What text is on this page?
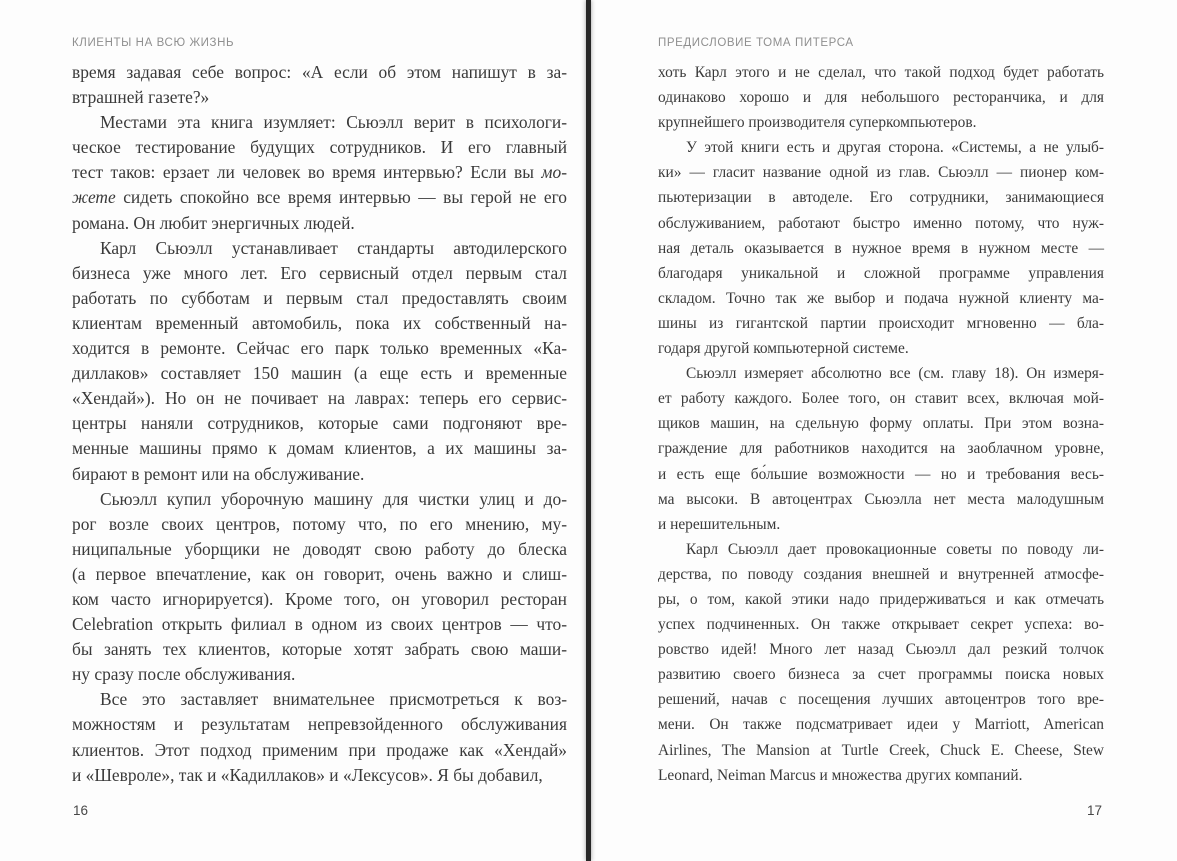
КЛИЕНТЫ НА ВСЮ ЖИЗНЬ
время задавая себе вопрос: «А если об этом напишут в за-
втрашней газете?»
Местами эта книга изумляет: Сьюэлл верит в психологи-
ческое тестирование будущих сотрудников. И его главный
тест таков: ерзает ли человек во время интервью? Если вы мо-
жете сидеть спокойно все время интервью — вы герой не его
романа. Он любит энергичных людей.
Карл Сьюэлл устанавливает стандарты автодилерского
бизнеса уже много лет. Его сервисный отдел первым стал
работать по субботам и первым стал предоставлять своим
клиентам временный автомобиль, пока их собственный на-
ходится в ремонте. Сейчас его парк только временных «Ка-
диллаков» составляет 150 машин (а еще есть и временные
«Хендай»). Но он не почивает на лаврах: теперь его сервис-
центры наняли сотрудников, которые сами подгоняют вре-
менные машины прямо к домам клиентов, а их машины за-
бирают в ремонт или на обслуживание.
Сьюэлл купил уборочную машину для чистки улиц и до-
рог возле своих центров, потому что, по его мнению, му-
ниципальные уборщики не доводят свою работу до блеска
(а первое впечатление, как он говорит, очень важно и слиш-
ком часто игнорируется). Кроме того, он уговорил ресторан
Celebration открыть филиал в одном из своих центров — что-
бы занять тех клиентов, которые хотят забрать свою маши-
ну сразу после обслуживания.
Все это заставляет внимательнее присмотреться к воз-
можностям и результатам непревзойденного обслуживания
клиентов. Этот подход применим при продаже как «Хендай»
и «Шевроле», так и «Кадиллаков» и «Лексусов». Я бы добавил,
16
ПРЕДИСЛОВИЕ ТОМА ПИТЕРСА
хоть Карл этого и не сделал, что такой подход будет работать
одинаково хорошо и для небольшого ресторанчика, и для
крупнейшего производителя суперкомпьютеров.
У этой книги есть и другая сторона. «Системы, а не улыб-
ки» — гласит название одной из глав. Сьюэлл — пионер ком-
пьютеризации в автоделе. Его сотрудники, занимающиеся
обслуживанием, работают быстро именно потому, что нуж-
ная деталь оказывается в нужное время в нужном месте —
благодаря уникальной и сложной программе управления
складом. Точно так же выбор и подача нужной клиенту ма-
шины из гигантской партии происходит мгновенно — бла-
годаря другой компьютерной системе.
Сьюэлл измеряет абсолютно все (см. главу 18). Он измеря-
ет работу каждого. Более того, он ставит всех, включая мой-
щиков машин, на сдельную форму оплаты. При этом возна-
граждение для работников находится на заоблачном уровне,
и есть еще бо́льшие возможности — но и требования весь-
ма высоки. В автоцентрах Сьюэлла нет места малодушным
и нерешительным.
Карл Сьюэлл дает провокационные советы по поводу ли-
дерства, по поводу создания внешней и внутренней атмосфе-
ры, о том, какой этики надо придерживаться и как отмечать
успех подчиненных. Он также открывает секрет успеха: во-
ровство идей! Много лет назад Сьюэлл дал резкий толчок
развитию своего бизнеса за счет программы поиска новых
решений, начав с посещения лучших автоцентров того вре-
мени. Он также подсматривает идеи у Marriott, American
Airlines, The Mansion at Turtle Creek, Chuck E. Cheese, Stew
Leonard, Neiman Marcus и множества других компаний.
17
